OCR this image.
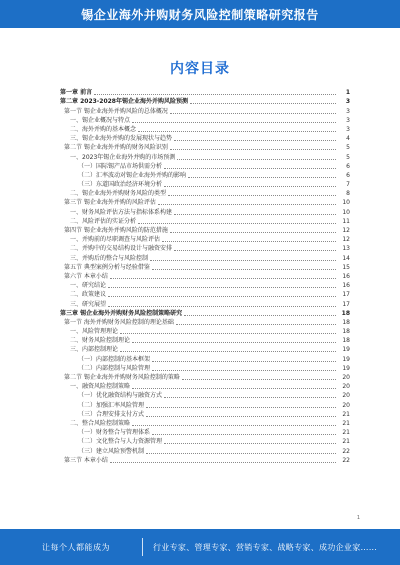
锡企业海外并购财务风险控制策略研究报告
内容目录
第一章 前言	1
第二章 2023-2028年锡企业海外并购风险预测	3
第一节 锡企业海外并购风险的总体概况	3
一、锡企业概况与特点	3
二、海外并购的基本概念	3
三、锡企业海外并购的发展现状与趋势	4
第二节 锡企业海外并购的财务风险识别	5
一、2023年锡企业海外并购的市场预测	5
（一）国际锡产品市场供需分析	6
（二）汇率波动对锡企业海外并购的影响	6
（三）东道国政治经济环境分析	7
二、锡企业海外并购财务风险的类型	8
第三节 锡企业海外并购的风险评估	10
一、财务风险评估方法与指标体系构建	10
二、风险评估的实证分析	11
第四节 锡企业海外并购风险的防范措施	12
一、并购前的尽职调查与风险评估	12
二、并购中的交易结构设计与融资安排	13
三、并购后的整合与风险控制	14
第五节 典型案例分析与经验借鉴	15
第六节 本章小结	16
一、研究结论	16
二、政策建议	17
三、研究展望	17
第三章 锡企业海外并购财务风险控制策略研究	18
第一节 海外并购财务风险控制的理论基础	18
一、风险管理理论	18
二、财务风险控制理论	18
三、内部控制理论	19
（一）内部控制的基本框架	19
（二）内部控制与风险管理	19
第二节 锡企业海外并购财务风险控制的策略	20
一、融资风险控制策略	20
（一）优化融资结构与融资方式	20
（二）加强汇率风险管理	20
（三）合理安排支付方式	21
二、整合风险控制策略	21
（一）财务整合与管理体系	21
（二）文化整合与人力资源管理	21
（三）建立风险预警机制	22
第三节 本章小结	22
1
让每个人都能成为	行业专家、管理专家、营销专家、战略专家、成功企业家……
